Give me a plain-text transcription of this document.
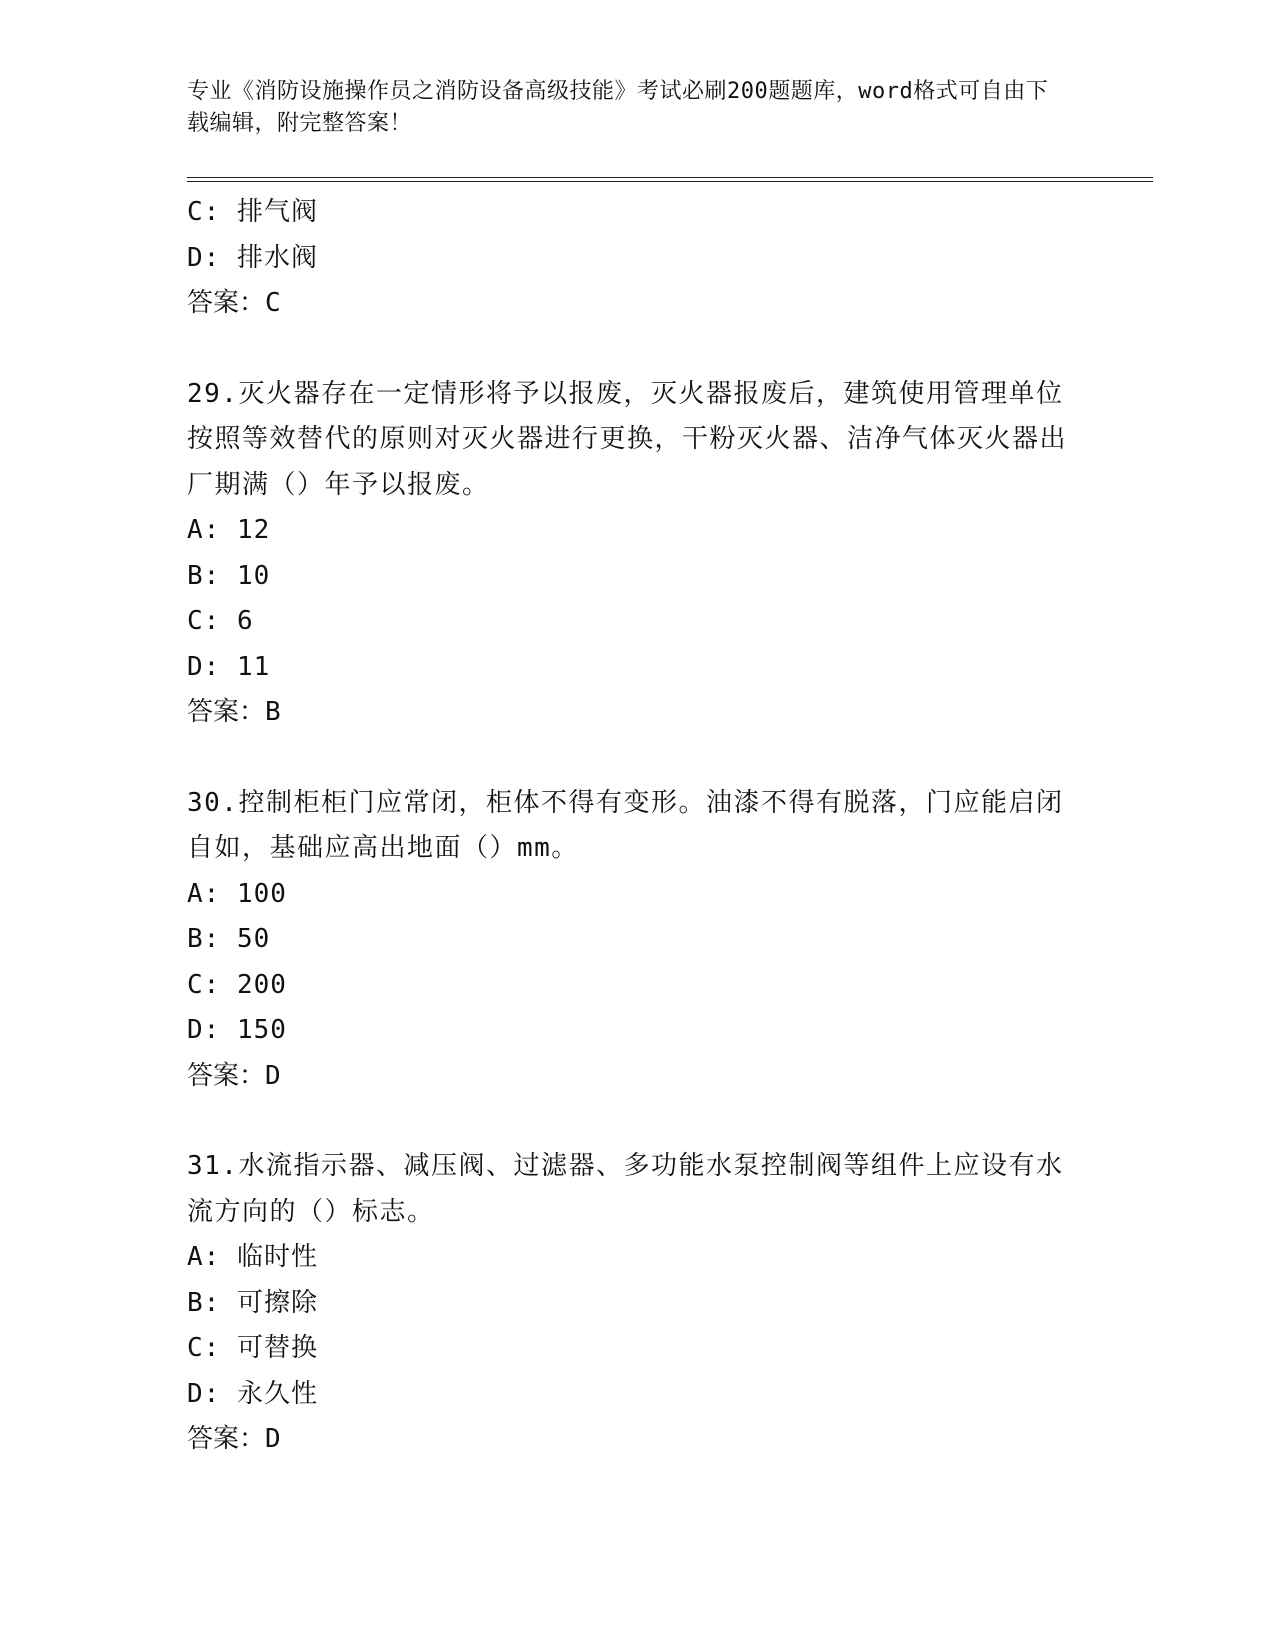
专业《消防设施操作员之消防设备高级技能》考试必刷200题题库，word格式可自由下载编辑，附完整答案！
C: 排气阀
D: 排水阀
答案：C
29.灭火器存在一定情形将予以报废，灭火器报废后，建筑使用管理单位按照等效替代的原则对灭火器进行更换，干粉灭火器、洁净气体灭火器出厂期满（）年予以报废。
A: 12
B: 10
C: 6
D: 11
答案：B
30.控制柜柜门应常闭，柜体不得有变形。油漆不得有脱落，门应能启闭自如，基础应高出地面（）mm。
A: 100
B: 50
C: 200
D: 150
答案：D
31.水流指示器、减压阀、过滤器、多功能水泵控制阀等组件上应设有水流方向的（）标志。
A: 临时性
B: 可擦除
C: 可替换
D: 永久性
答案：D
